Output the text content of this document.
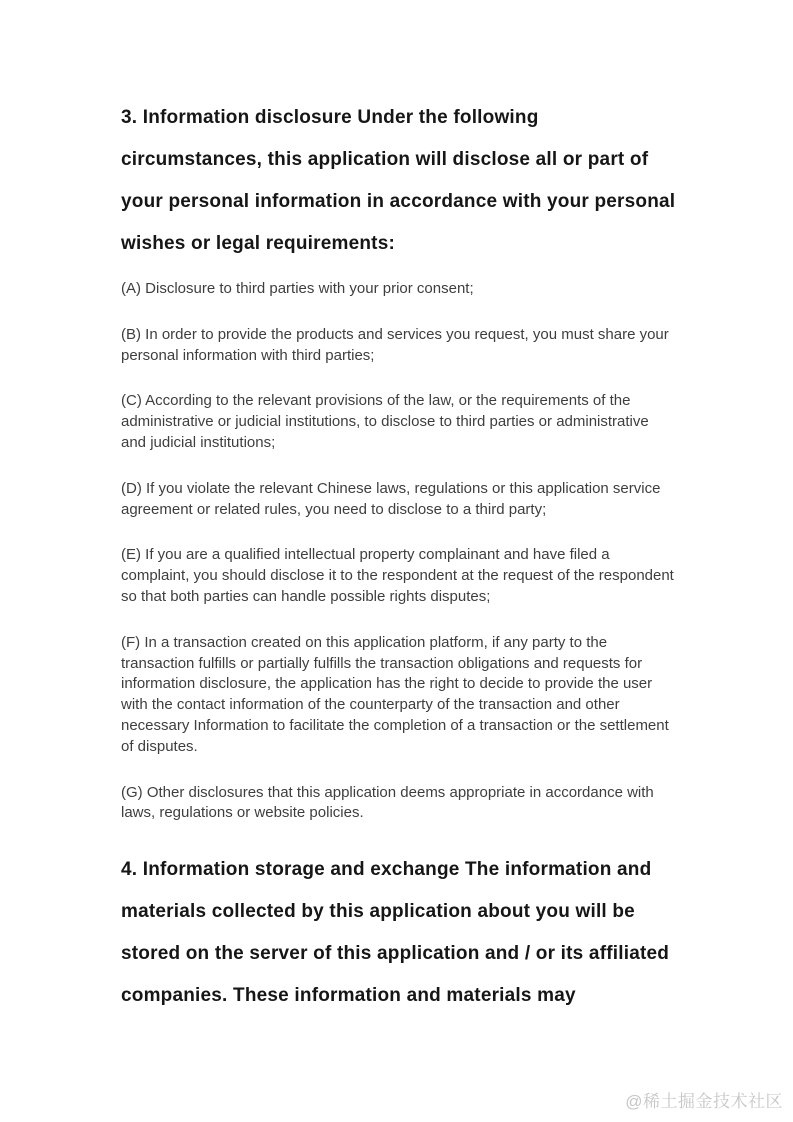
3. Information disclosure Under the following circumstances, this application will disclose all or part of your personal information in accordance with your personal wishes or legal requirements:

(A) Disclosure to third parties with your prior consent;

(B) In order to provide the products and services you request, you must share your personal information with third parties;

(C) According to the relevant provisions of the law, or the requirements of the administrative or judicial institutions, to disclose to third parties or administrative and judicial institutions;

(D) If you violate the relevant Chinese laws, regulations or this application service agreement or related rules, you need to disclose to a third party;

(E) If you are a qualified intellectual property complainant and have filed a complaint, you should disclose it to the respondent at the request of the respondent so that both parties can handle possible rights disputes;

(F) In a transaction created on this application platform, if any party to the transaction fulfills or partially fulfills the transaction obligations and requests for information disclosure, the application has the right to decide to provide the user with the contact information of the counterparty of the transaction and other necessary Information to facilitate the completion of a transaction or the settlement of disputes.

(G) Other disclosures that this application deems appropriate in accordance with laws, regulations or website policies.

4. Information storage and exchange The information and materials collected by this application about you will be stored on the server of this application and / or its affiliated companies. These information and materials may
@稀土掘金技术社区
